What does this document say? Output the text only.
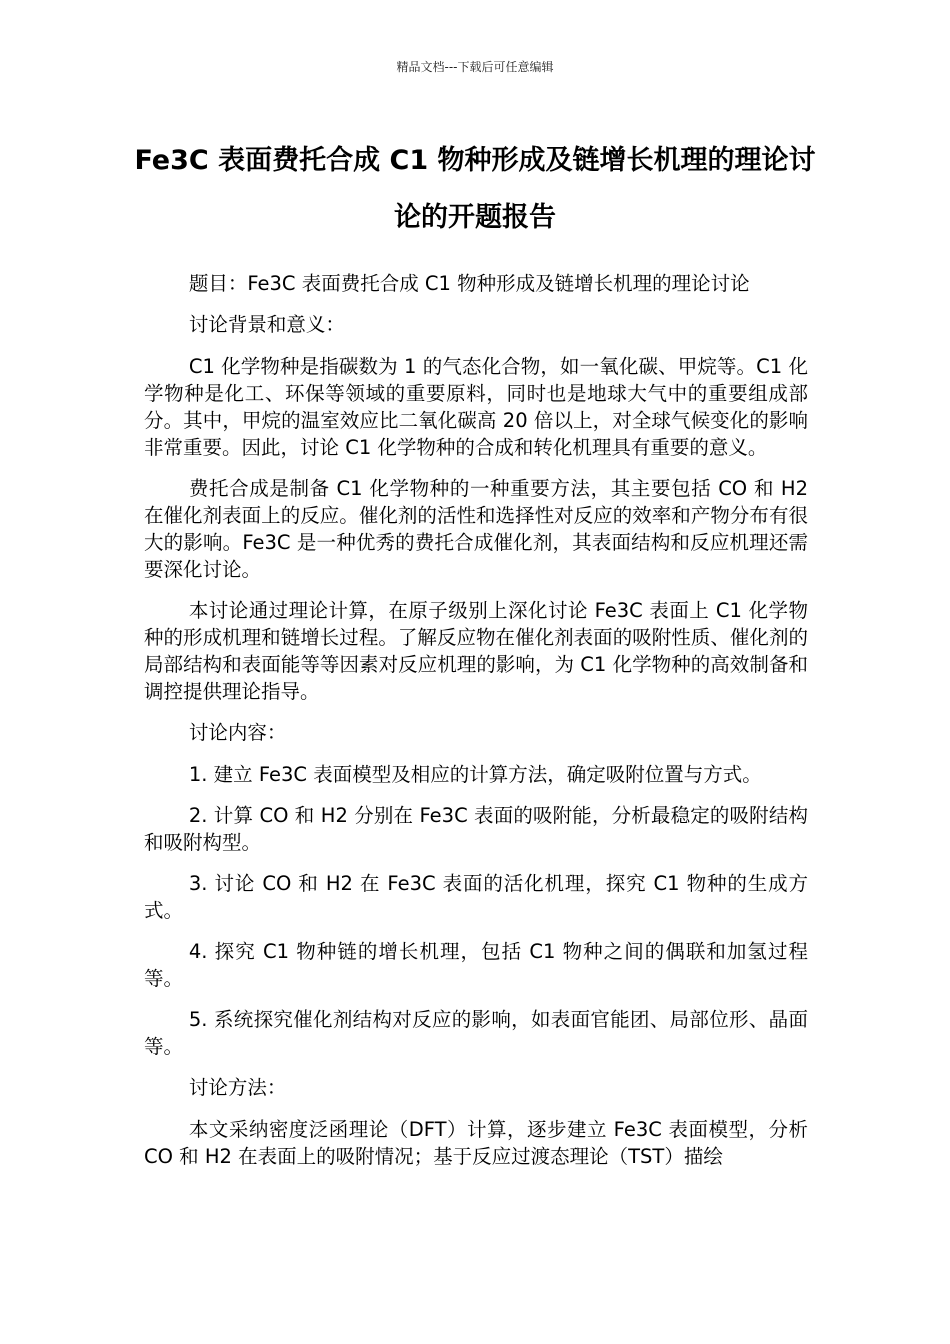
精品文档---下载后可任意编辑
Fe3C 表面费托合成 C1 物种形成及链增长机理的理论讨论的开题报告

题目：Fe3C 表面费托合成 C1 物种形成及链增长机理的理论讨论

讨论背景和意义：

C1 化学物种是指碳数为 1 的气态化合物，如一氧化碳、甲烷等。C1 化学物种是化工、环保等领域的重要原料，同时也是地球大气中的重要组成部分。其中，甲烷的温室效应比二氧化碳高 20 倍以上，对全球气候变化的影响非常重要。因此，讨论 C1 化学物种的合成和转化机理具有重要的意义。

费托合成是制备 C1 化学物种的一种重要方法，其主要包括 CO 和 H2 在催化剂表面上的反应。催化剂的活性和选择性对反应的效率和产物分布有很大的影响。Fe3C 是一种优秀的费托合成催化剂，其表面结构和反应机理还需要深化讨论。

本讨论通过理论计算，在原子级别上深化讨论 Fe3C 表面上 C1 化学物种的形成机理和链增长过程。了解反应物在催化剂表面的吸附性质、催化剂的局部结构和表面能等等因素对反应机理的影响，为 C1 化学物种的高效制备和调控提供理论指导。

讨论内容：

1. 建立 Fe3C 表面模型及相应的计算方法，确定吸附位置与方式。

2. 计算 CO 和 H2 分别在 Fe3C 表面的吸附能，分析最稳定的吸附结构和吸附构型。

3. 讨论 CO 和 H2 在 Fe3C 表面的活化机理，探究 C1 物种的生成方式。

4. 探究 C1 物种链的增长机理，包括 C1 物种之间的偶联和加氢过程等。

5. 系统探究催化剂结构对反应的影响，如表面官能团、局部位形、晶面等。

讨论方法：

本文采纳密度泛函理论（DFT）计算，逐步建立 Fe3C 表面模型，分析 CO 和 H2 在表面上的吸附情况；基于反应过渡态理论（TST）描绘
